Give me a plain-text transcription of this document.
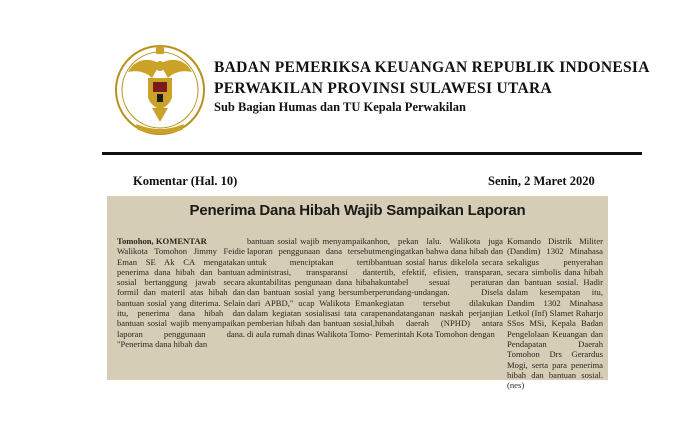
BADAN PEMERIKSA KEUANGAN REPUBLIK INDONESIA
PERWAKILAN PROVINSI SULAWESI UTARA
Sub Bagian Humas dan TU Kepala Perwakilan
Komentar (Hal. 10)	Senin, 2 Maret 2020
Penerima Dana Hibah Wajib Sampaikan Laporan

Tomohon, KOMENTAR

Walikota Tomohon Jimmy Feidie Eman SE Ak CA mengatakan penerima dana hibah dan bantuan sosial bertanggung jawab secara formil dan materil atas hibah dan bantuan sosial yang diterima. Selain itu, penerima dana hibah dan bantuan sosial wajib menyampaikan laporan penggunaan dana. "Penerima dana hibah dan

bantuan sosial wajib menyampaikan laporan penggunaan dana tersebut untuk menciptakan tertib administrasi, transparansi dan akuntabilitas pengunaan dana hibah dan bantuan sosial yang bersumber dari APBD," ucap Walikota Eman dalam kegiatan sosialisasi tata cara pemberian hibah dan bantuan sosial, di aula rumah dinas Walikota Tomo-

hon, pekan lalu. Walikota juga mengingatkan bahwa dana hibah dan bantuan sosial harus dikelola secara tertib, efektif, efisien, transparan, akuntabel sesuai peraturan perundang-undangan. Disela kegiatan tersebut dilakukan penandatanganan naskah perjanjian hibah daerah (NPHD) antara Pemerintah Kota Tomohon dengan

Komando Distrik Militer (Dandim) 1302 Minahasa sekaligus penyerahan secara simbolis dana hibah dan bantuan sosial. Hadir dalam kesempatan itu, Dandim 1302 Minahasa Letkol (Inf) Slamet Raharjo SSos MSi, Kepala Badan Pengelolaan Keuangan dan Pendapatan Daerah Tomohon Drs Gerardus Mogi, serta para penerima hibah dan bantuan sosial. (nes)
